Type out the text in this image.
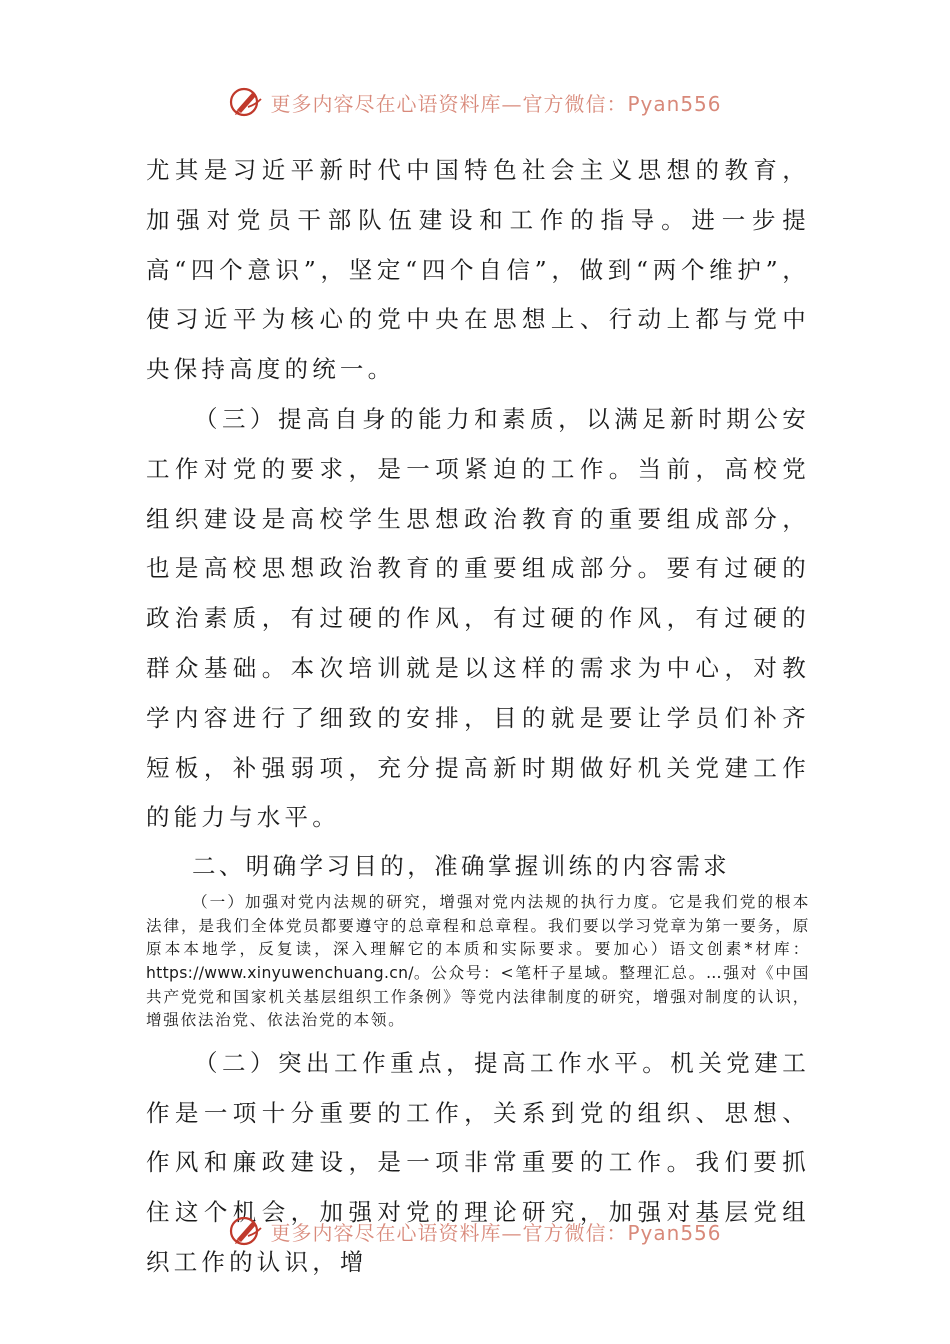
更多内容尽在心语资料库—官方微信：Pyan556

尤其是习近平新时代中国特色社会主义思想的教育，加强对党员干部队伍建设和工作的指导。进一步提高“四个意识”，坚定“四个自信”，做到“两个维护”，使习近平为核心的党中央在思想上、行动上都与党中央保持高度的统一。

（三）提高自身的能力和素质，以满足新时期公安工作对党的要求，是一项紧迫的工作。当前，高校党组织建设是高校学生思想政治教育的重要组成部分，也是高校思想政治教育的重要组成部分。要有过硬的政治素质，有过硬的作风，有过硬的作风，有过硬的群众基础。本次培训就是以这样的需求为中心，对教学内容进行了细致的安排，目的就是要让学员们补齐短板，补强弱项，充分提高新时期做好机关党建工作的能力与水平。

二、明确学习目的，准确掌握训练的内容需求

（一）加强对党内法规的研究，增强对党内法规的执行力度。它是我们党的根本法律，是我们全体党员都要遵守的总章程和总章程。我们要以学习党章为第一要务，原原本本地学，反复读，深入理解它的本质和实际要求。要加心）语文创素*材库：https://www.xinyuwenchuang.cn/。公众号：<笔杆子星域。整理汇总。…强对《中国共产党党和国家机关基层组织工作条例》等党内法律制度的研究，增强对制度的认识，增强依法治党、依法治党的本领。

（二）突出工作重点，提高工作水平。机关党建工作是一项十分重要的工作，关系到党的组织、思想、作风和廉政建设，是一项非常重要的工作。我们要抓住这个机会，加强对党的理论研究，加强对基层党组织工作的认识，增

更多内容尽在心语资料库—官方微信：Pyan556
